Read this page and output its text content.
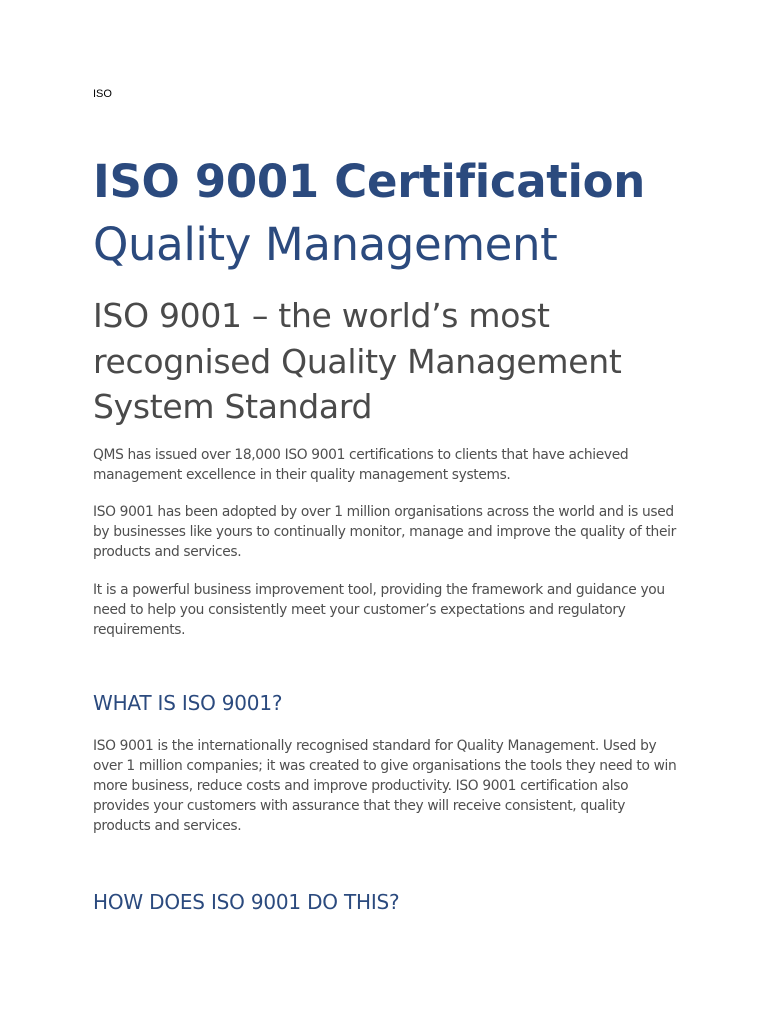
ISO
ISO 9001 Certification
Quality Management
ISO 9001 – the world’s most recognised Quality Management System Standard

QMS has issued over 18,000 ISO 9001 certifications to clients that have achieved management excellence in their quality management systems.

ISO 9001 has been adopted by over 1 million organisations across the world and is used by businesses like yours to continually monitor, manage and improve the quality of their products and services.

It is a powerful business improvement tool, providing the framework and guidance you need to help you consistently meet your customer’s expectations and regulatory requirements.

WHAT IS ISO 9001?

ISO 9001 is the internationally recognised standard for Quality Management. Used by over 1 million companies; it was created to give organisations the tools they need to win more business, reduce costs and improve productivity. ISO 9001 certification also provides your customers with assurance that they will receive consistent, quality products and services.

HOW DOES ISO 9001 DO THIS?
